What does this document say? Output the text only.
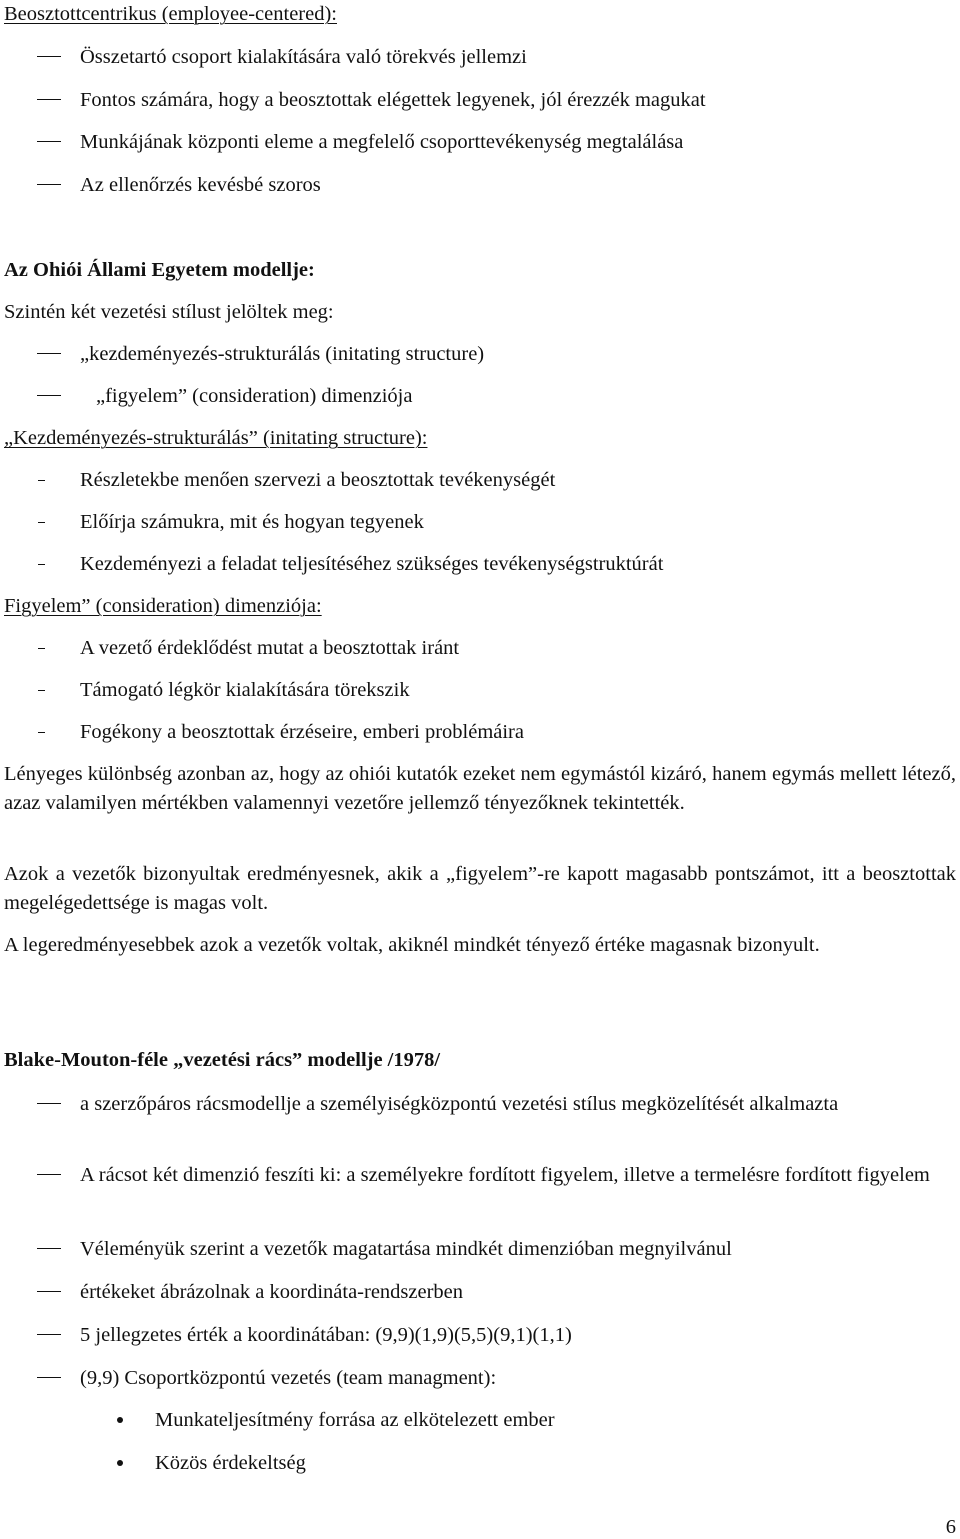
Beosztottcentrikus (employee-centered):
Összetartó csoport kialakítására való törekvés jellemzi
Fontos számára, hogy a beosztottak elégettek legyenek, jól érezzék magukat
Munkájának központi eleme a megfelelő csoporttevékenység megtalálása
Az ellenőrzés kevésbé szoros
Az Ohiói Állami Egyetem modellje:
Szintén két vezetési stílust jelöltek meg:
„kezdeményezés-strukturálás (initating structure)
„figyelem” (consideration) dimenziója
„Kezdeményezés-strukturálás” (initating structure):
Részletekbe menően szervezi a beosztottak tevékenységét
Előírja számukra, mit és hogyan tegyenek
Kezdeményezi a feladat teljesítéséhez szükséges tevékenységstruktúrát
Figyelem” (consideration) dimenziója:
A vezető érdeklődést mutat a beosztottak iránt
Támogató légkör kialakítására törekszik
Fogékony a beosztottak érzéseire, emberi problémáira
Lényeges különbség azonban az, hogy az ohiói kutatók ezeket nem egymástól kizáró, hanem egymás mellett létező, azaz valamilyen mértékben valamennyi vezetőre jellemző tényezőknek tekintették.
Azok a vezetők bizonyultak eredményesnek, akik a „figyelem”-re kapott magasabb pontszámot, itt a beosztottak megelégedettsége is magas volt.
A legeredményesebbek azok a vezetők voltak, akiknél mindkét tényező értéke magasnak bizonyult.
Blake-Mouton-féle „vezetési rács” modellje /1978/
a szerzőpáros rácsmodellje a személyiségközpontú vezetési stílus megközelítését alkalmazta
A rácsot két dimenzió feszíti ki: a személyekre fordított figyelem, illetve a termelésre fordított figyelem
Véleményük szerint a vezetők magatartása mindkét dimenzióban megnyilvánul
értékeket ábrázolnak a koordináta-rendszerben
5 jellegzetes érték a koordinátában: (9,9)(1,9)(5,5)(9,1)(1,1)
(9,9) Csoportközpontú vezetés (team managment):
Munkateljesítmény forrása az elkötelezett ember
Közös érdekeltség
6
